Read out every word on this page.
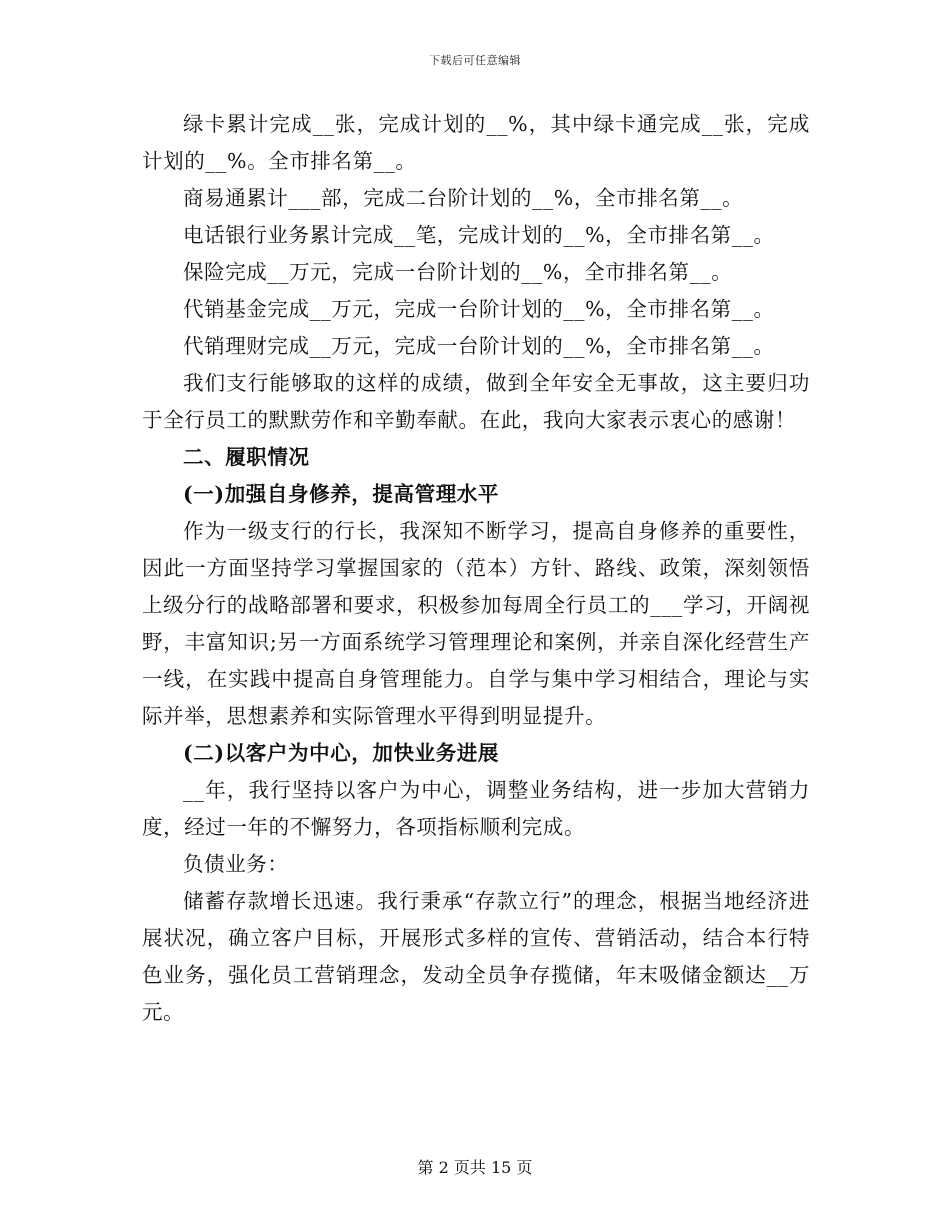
下载后可任意编辑

绿卡累计完成__张，完成计划的__%，其中绿卡通完成__张，完成计划的__%。全市排名第__。

商易通累计___部，完成二台阶计划的__%，全市排名第__。

电话银行业务累计完成__笔，完成计划的__%，全市排名第__。

保险完成__万元，完成一台阶计划的__%，全市排名第__。

代销基金完成__万元，完成一台阶计划的__%，全市排名第__。

代销理财完成__万元，完成一台阶计划的__%，全市排名第__。

我们支行能够取的这样的成绩，做到全年安全无事故，这主要归功于全行员工的默默劳作和辛勤奉献。在此，我向大家表示衷心的感谢！

二、履职情况

(一)加强自身修养，提高管理水平

作为一级支行的行长，我深知不断学习，提高自身修养的重要性，因此一方面坚持学习掌握国家的（范本）方针、路线、政策，深刻领悟上级分行的战略部署和要求，积极参加每周全行员工的___学习，开阔视野，丰富知识;另一方面系统学习管理理论和案例，并亲自深化经营生产一线，在实践中提高自身管理能力。自学与集中学习相结合，理论与实际并举，思想素养和实际管理水平得到明显提升。

(二)以客户为中心，加快业务进展

__年，我行坚持以客户为中心，调整业务结构，进一步加大营销力度，经过一年的不懈努力，各项指标顺利完成。

负债业务：

储蓄存款增长迅速。我行秉承“存款立行”的理念，根据当地经济进展状况，确立客户目标，开展形式多样的宣传、营销活动，结合本行特色业务，强化员工营销理念，发动全员争存揽储，年末吸储金额达__万元。

第 2 页共 15 页
